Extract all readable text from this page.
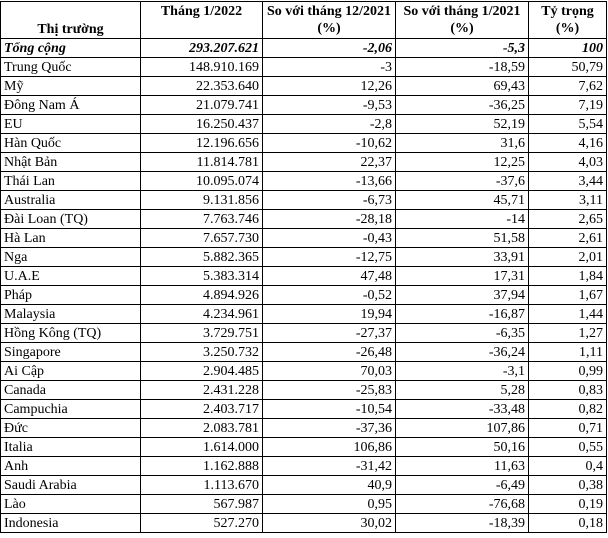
Thị trường	Tháng 1/2022	So với tháng 12/2021 (%)	So với tháng 1/2021 (%)	Tỷ trọng (%)
Tổng cộng	293.207.621	-2,06	-5,3	100
Trung Quốc	148.910.169	-3	-18,59	50,79
Mỹ	22.353.640	12,26	69,43	7,62
Đông Nam Á	21.079.741	-9,53	-36,25	7,19
EU	16.250.437	-2,8	52,19	5,54
Hàn Quốc	12.196.656	-10,62	31,6	4,16
Nhật Bản	11.814.781	22,37	12,25	4,03
Thái Lan	10.095.074	-13,66	-37,6	3,44
Australia	9.131.856	-6,73	45,71	3,11
Đài Loan (TQ)	7.763.746	-28,18	-14	2,65
Hà Lan	7.657.730	-0,43	51,58	2,61
Nga	5.882.365	-12,75	33,91	2,01
U.A.E	5.383.314	47,48	17,31	1,84
Pháp	4.894.926	-0,52	37,94	1,67
Malaysia	4.234.961	19,94	-16,87	1,44
Hồng Kông (TQ)	3.729.751	-27,37	-6,35	1,27
Singapore	3.250.732	-26,48	-36,24	1,11
Ai Cập	2.904.485	70,03	-3,1	0,99
Canada	2.431.228	-25,83	5,28	0,83
Campuchia	2.403.717	-10,54	-33,48	0,82
Đức	2.083.781	-37,36	107,86	0,71
Italia	1.614.000	106,86	50,16	0,55
Anh	1.162.888	-31,42	11,63	0,4
Saudi Arabia	1.113.670	40,9	-6,49	0,38
Lào	567.987	0,95	-76,68	0,19
Indonesia	527.270	30,02	-18,39	0,18
